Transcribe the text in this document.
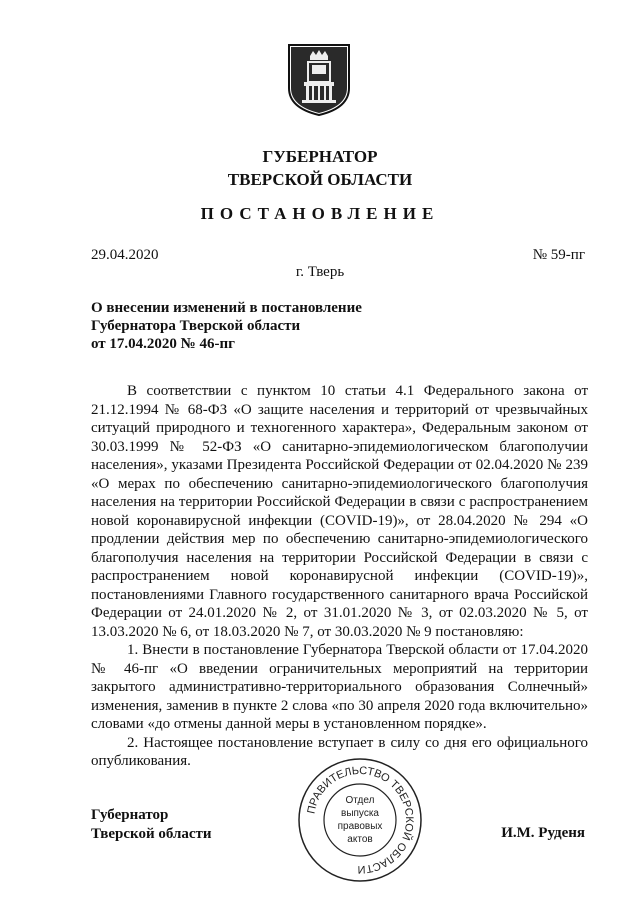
ГУБЕРНАТОР
ТВЕРСКОЙ ОБЛАСТИ
ПОСТАНОВЛЕНИЕ
29.04.2020	№ 59-пг
г. Тверь
О внесении изменений в постановление
Губернатора Тверской области
от 17.04.2020 № 46-пг

В соответствии с пунктом 10 статьи 4.1 Федерального закона от 21.12.1994 № 68-ФЗ «О защите населения и территорий от чрезвычайных ситуаций природного и техногенного характера», Федеральным законом от 30.03.1999 № 52-ФЗ «О санитарно-эпидемиологическом благополучии населения», указами Президента Российской Федерации от 02.04.2020 № 239 «О мерах по обеспечению санитарно-эпидемиологического благополучия населения на территории Российской Федерации в связи с распространением новой коронавирусной инфекции (COVID-19)», от 28.04.2020 № 294 «О продлении действия мер по обеспечению санитарно-эпидемиологического благополучия населения на территории Российской Федерации в связи с распространением новой коронавирусной инфекции (COVID-19)», постановлениями Главного государственного санитарного врача Российской Федерации от 24.01.2020 № 2, от 31.01.2020 № 3, от 02.03.2020 № 5, от 13.03.2020 № 6, от 18.03.2020 № 7, от 30.03.2020 № 9 постановляю:

1. Внести в постановление Губернатора Тверской области от 17.04.2020 № 46-пг «О введении ограничительных мероприятий на территории закрытого административно-территориального образования Солнечный» изменения, заменив в пункте 2 слова «по 30 апреля 2020 года включительно» словами «до отмены данной меры в установленном порядке».

2. Настоящее постановление вступает в силу со дня его официального опубликования.

Губернатор
Тверской области	И.М. Руденя
ПРАВИТЕЛЬСТВО ТВЕРСКОЙ ОБЛАСТИ
Отдел
выпуска
правовых
актов
